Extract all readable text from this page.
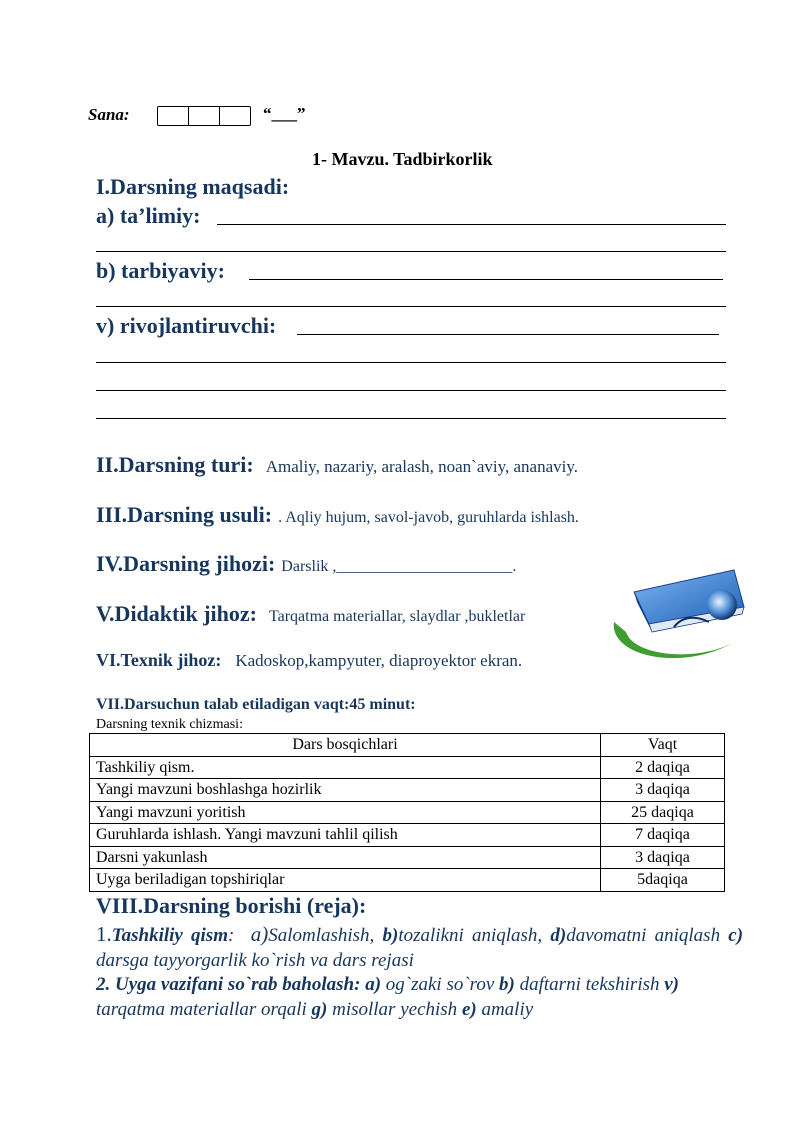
Sana:	“___”
1- Mavzu. Tadbirkorlik
I.Darsning maqsadi:
a) ta’limiy:
b) tarbiyaviy:
v) rivojlantiruvchi:
II.Darsning turi: Amaliy, nazariy, aralash, noan`aviy, ananaviy.
III.Darsning usuli: . Aqliy hujum, savol-javob, guruhlarda ishlash.
IV.Darsning jihozi: Darslik ,______________________.
V.Didaktik jihoz: Tarqatma materiallar, slaydlar ,bukletlar
VI.Texnik jihoz: Kadoskop,kampyuter, diaproyektor ekran.
VII.Darsuchun talab etiladigan vaqt:45 minut:
Darsning texnik chizmasi:
Dars bosqichlari	Vaqt
Tashkiliy qism.	2 daqiqa
Yangi mavzuni boshlashga hozirlik	3 daqiqa
Yangi mavzuni yoritish	25 daqiqa
Guruhlarda ishlash. Yangi mavzuni tahlil qilish	7 daqiqa
Darsni yakunlash	3 daqiqa
Uyga beriladigan topshiriqlar	5daqiqa
VIII.Darsning borishi (reja):
1.Tashkiliy qism: a)Salomlashish, b)tozalikni aniqlash, d)davomatni aniqlash c) darsga tayyorgarlik ko`rish va dars rejasi
2. Uyga vazifani so`rab baholash: a) og`zaki so`rov b) daftarni tekshirish v) tarqatma materiallar orqali g) misollar yechish e) amaliy
